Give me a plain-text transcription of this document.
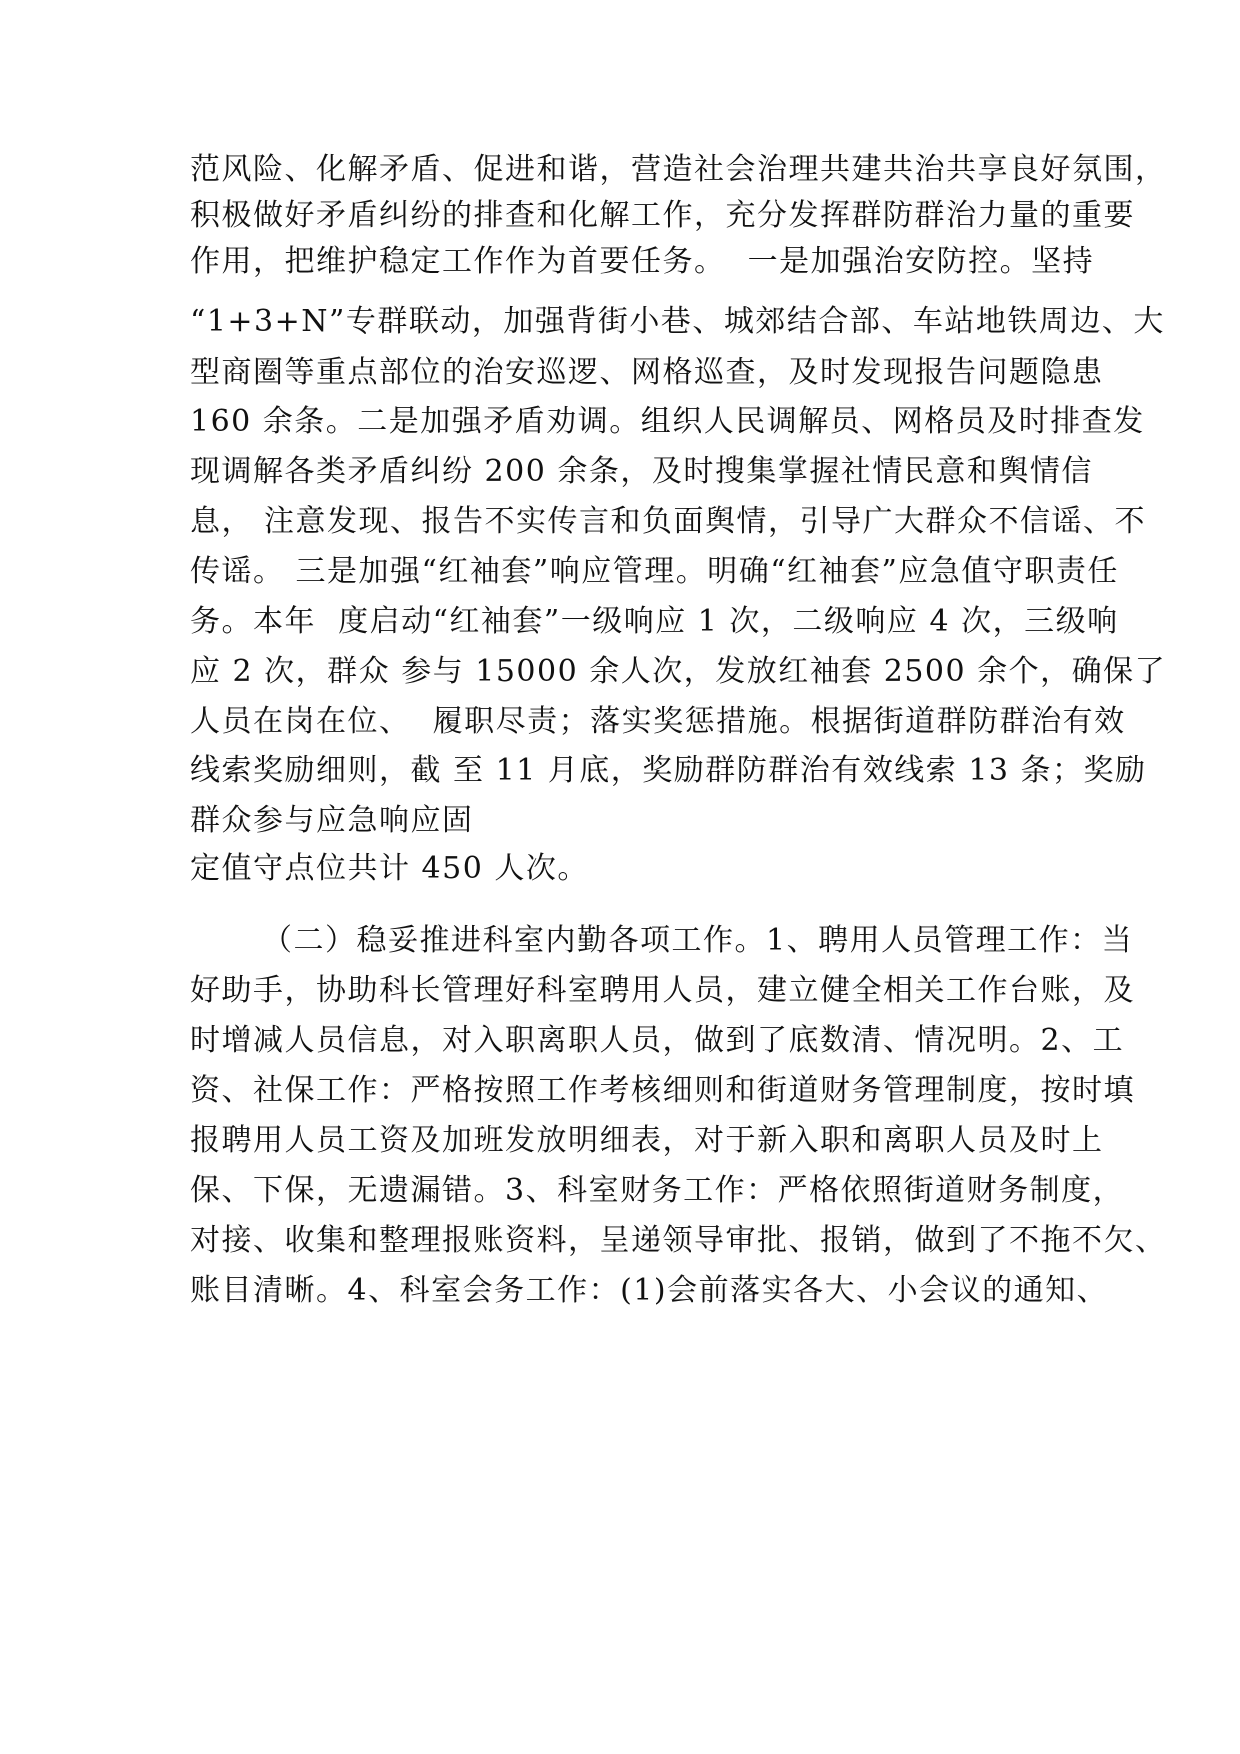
范风险、化解矛盾、促进和谐，营造社会治理共建共治共享良好氛围，

积极做好矛盾纠纷的排查和化解工作，充分发挥群防群治力量的重要

作用，把维护稳定工作作为首要任务。  一是加强治安防控。坚持

“1+3+N”专群联动，加强背街小巷、城郊结合部、车站地铁周边、大

型商圈等重点部位的治安巡逻、网格巡查，及时发现报告问题隐患

160 余条。二是加强矛盾劝调。组织人民调解员、网格员及时排查发

现调解各类矛盾纠纷 200 余条，及时搜集掌握社情民意和舆情信

息， 注意发现、报告不实传言和负面舆情，引导广大群众不信谣、不

传谣。 三是加强“红袖套”响应管理。明确“红袖套”应急值守职责任

务。本年  度启动“红袖套”一级响应 1 次，二级响应 4 次，三级响

应 2 次，群众 参与 15000 余人次，发放红袖套 2500 余个，确保了

人员在岗在位、  履职尽责；落实奖惩措施。根据街道群防群治有效

线索奖励细则，截 至 11 月底，奖励群防群治有效线索 13 条；奖励

群众参与应急响应固

定值守点位共计 450 人次。

（二）稳妥推进科室内勤各项工作。1、聘用人员管理工作：当

好助手，协助科长管理好科室聘用人员，建立健全相关工作台账，及

时增减人员信息，对入职离职人员，做到了底数清、情况明。2、工

资、社保工作：严格按照工作考核细则和街道财务管理制度，按时填

报聘用人员工资及加班发放明细表，对于新入职和离职人员及时上

保、下保，无遗漏错。3、科室财务工作：严格依照街道财务制度，

对接、收集和整理报账资料，呈递领导审批、报销，做到了不拖不欠、

账目清晰。4、科室会务工作：(1)会前落实各大、小会议的通知、
